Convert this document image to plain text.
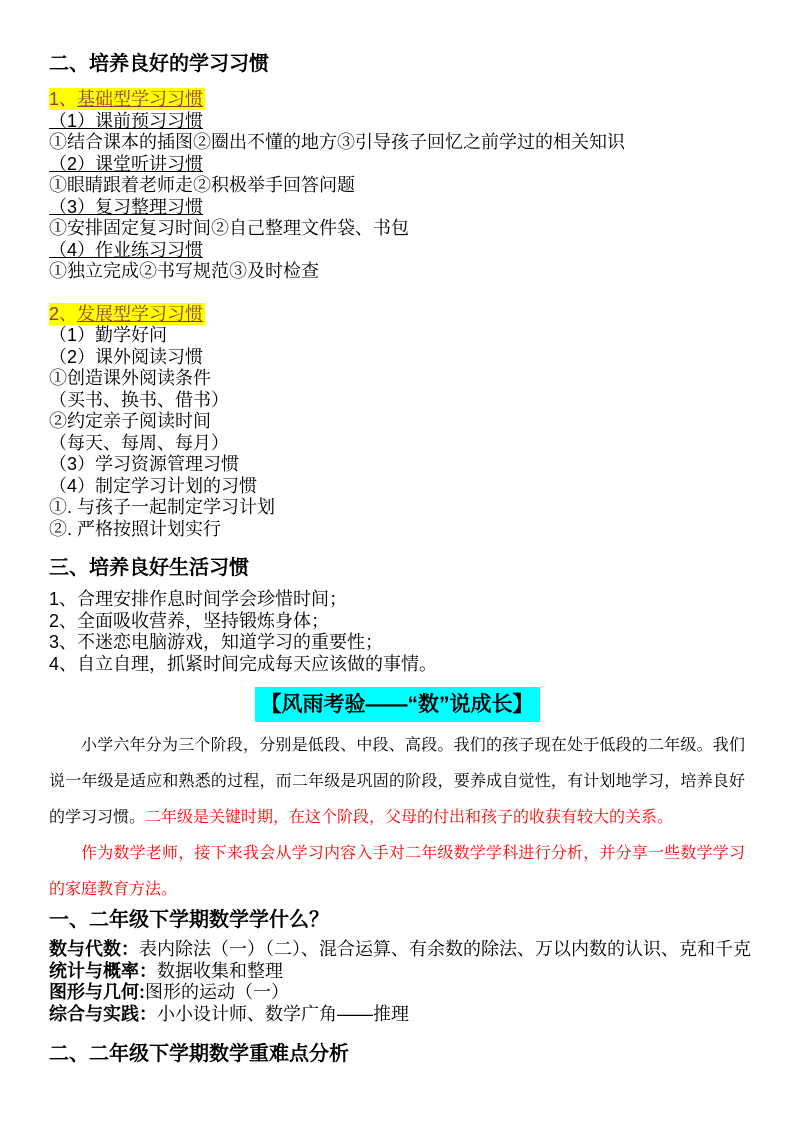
二、培养良好的学习习惯
1、基础型学习习惯
（1）课前预习习惯
①结合课本的插图②圈出不懂的地方③引导孩子回忆之前学过的相关知识
（2）课堂听讲习惯
①眼睛跟着老师走②积极举手回答问题
（3）复习整理习惯
①安排固定复习时间②自己整理文件袋、书包
（4）作业练习习惯
①独立完成②书写规范③及时检查
2、发展型学习习惯
（1）勤学好问
（2）课外阅读习惯
①创造课外阅读条件
（买书、换书、借书）
②约定亲子阅读时间
（每天、每周、每月）
（3）学习资源管理习惯
（4）制定学习计划的习惯
①. 与孩子一起制定学习计划
②. 严格按照计划实行
三、培养良好生活习惯
1、合理安排作息时间学会珍惜时间；
2、全面吸收营养，坚持锻炼身体；
3、不迷恋电脑游戏，知道学习的重要性；
4、自立自理，抓紧时间完成每天应该做的事情。
【风雨考验——“数”说成长】

小学六年分为三个阶段，分别是低段、中段、高段。我们的孩子现在处于低段的二年级。我们说一年级是适应和熟悉的过程，而二年级是巩固的阶段，要养成自觉性，有计划地学习，培养良好的学习习惯。二年级是关键时期，在这个阶段，父母的付出和孩子的收获有较大的关系。

作为数学老师，接下来我会从学习内容入手对二年级数学学科进行分析，并分享一些数学学习的家庭教育方法。

一、二年级下学期数学学什么？
数与代数：表内除法（一）（二）、混合运算、有余数的除法、万以内数的认识、克和千克
统计与概率：数据收集和整理
图形与几何:图形的运动（一）
综合与实践：小小设计师、数学广角——推理
二、二年级下学期数学重难点分析
